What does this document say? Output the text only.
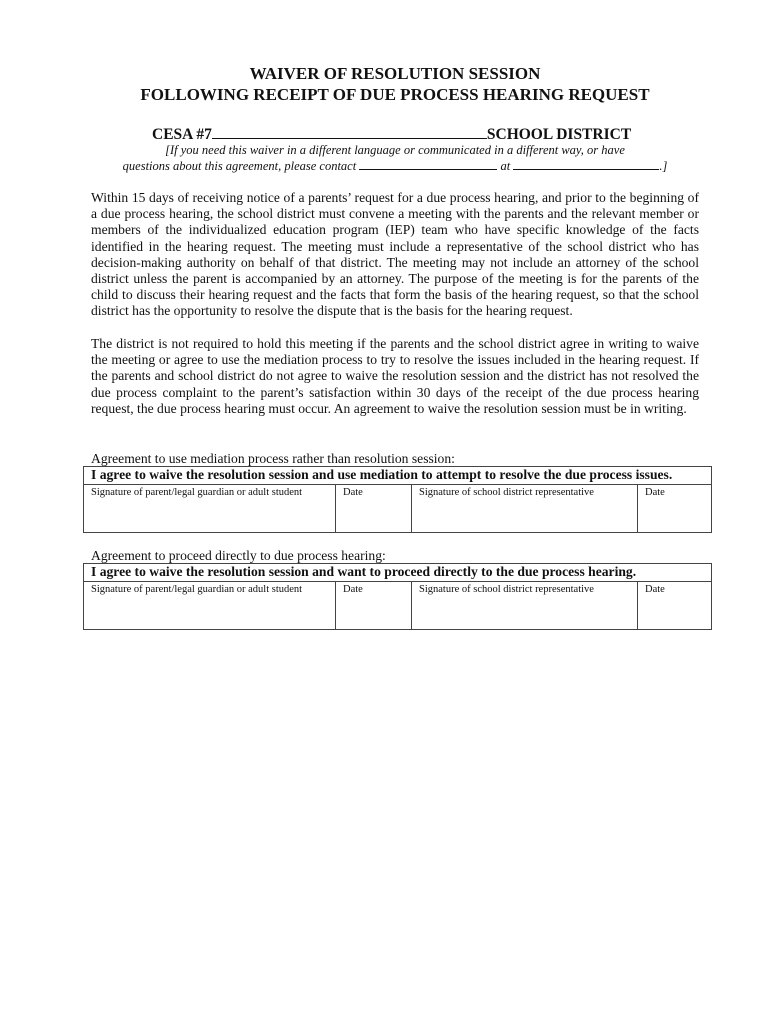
WAIVER OF RESOLUTION SESSION
FOLLOWING RECEIPT OF DUE PROCESS HEARING REQUEST
CESA #7	SCHOOL DISTRICT
[If you need this waiver in a different language or communicated in a different way, or have
questions about this agreement, please contact	at	.]
Within 15 days of receiving notice of a parents’ request for a due process hearing, and prior to the beginning of a due process hearing, the school district must convene a meeting with the parents and the relevant member or members of the individualized education program (IEP) team who have specific knowledge of the facts identified in the hearing request. The meeting must include a representative of the school district who has decision-making authority on behalf of that district. The meeting may not include an attorney of the school district unless the parent is accompanied by an attorney. The purpose of the meeting is for the parents of the child to discuss their hearing request and the facts that form the basis of the hearing request, so that the school district has the opportunity to resolve the dispute that is the basis for the hearing request.
The district is not required to hold this meeting if the parents and the school district agree in writing to waive the meeting or agree to use the mediation process to try to resolve the issues included in the hearing request. If the parents and school district do not agree to waive the resolution session and the district has not resolved the due process complaint to the parent’s satisfaction within 30 days of the receipt of the due process hearing request, the due process hearing must occur. An agreement to waive the resolution session must be in writing.
Agreement to use mediation process rather than resolution session:
I agree to waive the resolution session and use mediation to attempt to resolve the due process issues.
Signature of parent/legal guardian or adult student	Date	Signature of school district representative	Date
Agreement to proceed directly to due process hearing:
I agree to waive the resolution session and want to proceed directly to the due process hearing.
Signature of parent/legal guardian or adult student	Date	Signature of school district representative	Date
